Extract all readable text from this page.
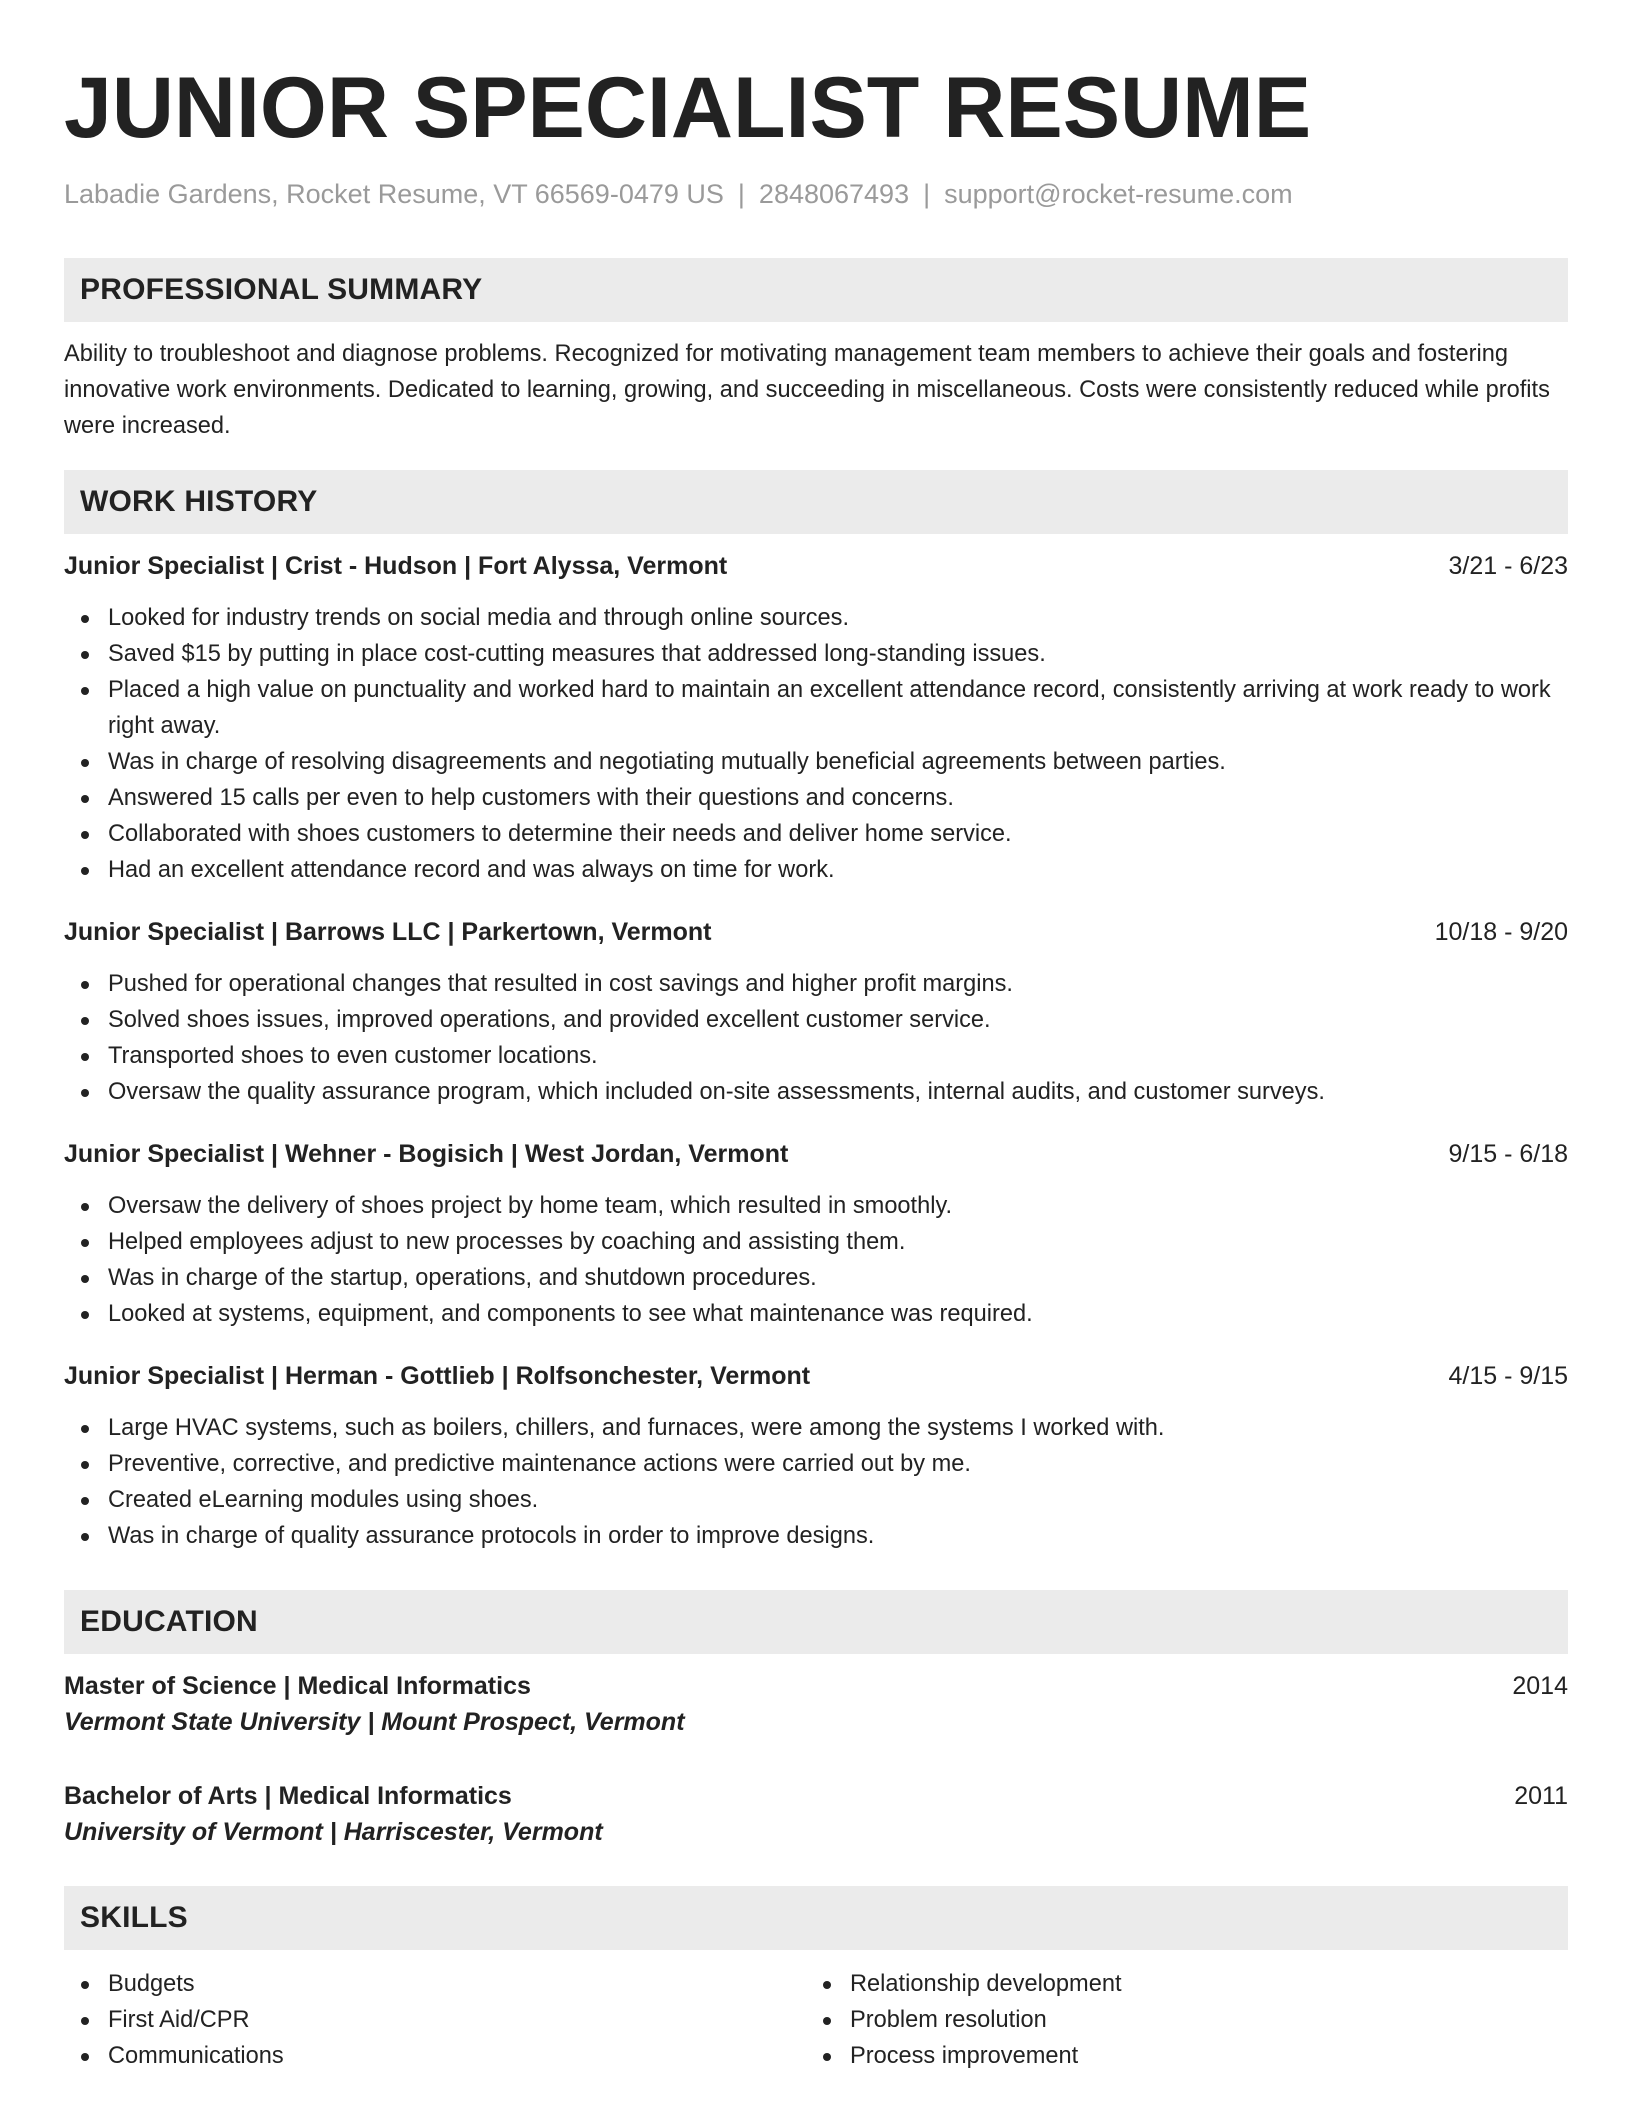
JUNIOR SPECIALIST RESUME
Labadie Gardens, Rocket Resume, VT 66569-0479 US | 2848067493 | support@rocket-resume.com
PROFESSIONAL SUMMARY

Ability to troubleshoot and diagnose problems. Recognized for motivating management team members to achieve their goals and fostering innovative work environments. Dedicated to learning, growing, and succeeding in miscellaneous. Costs were consistently reduced while profits were increased.

WORK HISTORY
Junior Specialist | Crist - Hudson | Fort Alyssa, Vermont	3/21 - 6/23
Looked for industry trends on social media and through online sources.
Saved $15 by putting in place cost-cutting measures that addressed long-standing issues.
Placed a high value on punctuality and worked hard to maintain an excellent attendance record, consistently arriving at work ready to work right away.
Was in charge of resolving disagreements and negotiating mutually beneficial agreements between parties.
Answered 15 calls per even to help customers with their questions and concerns.
Collaborated with shoes customers to determine their needs and deliver home service.
Had an excellent attendance record and was always on time for work.
Junior Specialist | Barrows LLC | Parkertown, Vermont	10/18 - 9/20
Pushed for operational changes that resulted in cost savings and higher profit margins.
Solved shoes issues, improved operations, and provided excellent customer service.
Transported shoes to even customer locations.
Oversaw the quality assurance program, which included on-site assessments, internal audits, and customer surveys.
Junior Specialist | Wehner - Bogisich | West Jordan, Vermont	9/15 - 6/18
Oversaw the delivery of shoes project by home team, which resulted in smoothly.
Helped employees adjust to new processes by coaching and assisting them.
Was in charge of the startup, operations, and shutdown procedures.
Looked at systems, equipment, and components to see what maintenance was required.
Junior Specialist | Herman - Gottlieb | Rolfsonchester, Vermont	4/15 - 9/15
Large HVAC systems, such as boilers, chillers, and furnaces, were among the systems I worked with.
Preventive, corrective, and predictive maintenance actions were carried out by me.
Created eLearning modules using shoes.
Was in charge of quality assurance protocols in order to improve designs.
EDUCATION
Master of Science | Medical Informatics	2014
Vermont State University | Mount Prospect, Vermont
Bachelor of Arts | Medical Informatics	2011
University of Vermont | Harriscester, Vermont
SKILLS
Budgets
First Aid/CPR
Communications
Relationship development
Problem resolution
Process improvement
